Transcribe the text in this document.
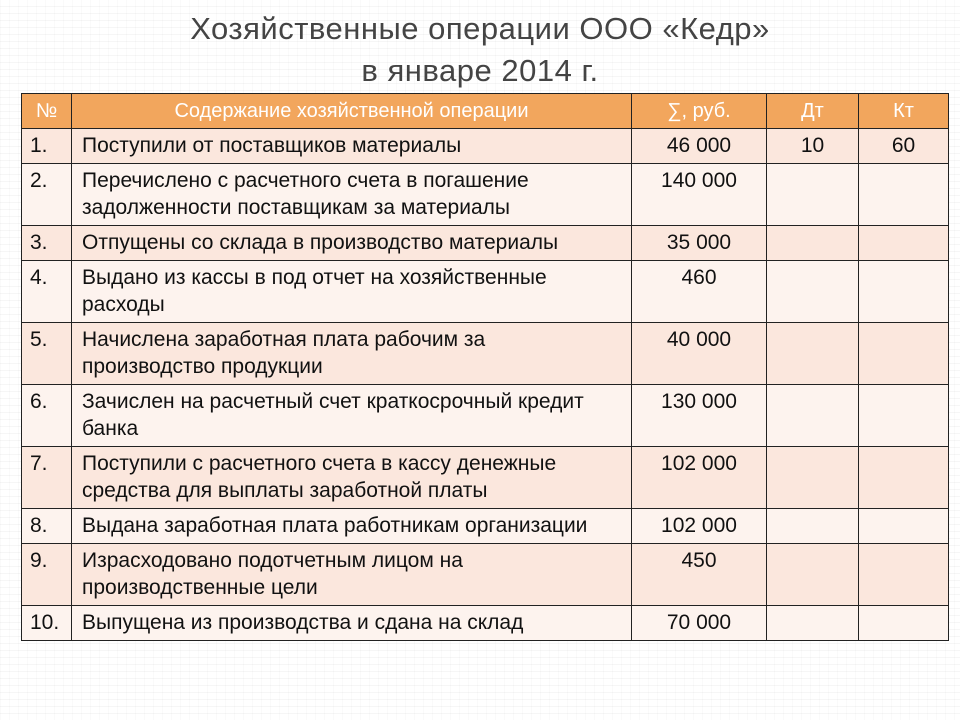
Хозяйственные операции ООО «Кедр»
в январе 2014 г.
№	Содержание хозяйственной операции	∑, руб.	Дт	Кт
1.	Поступили от поставщиков материалы	46 000	10	60
2.	Перечислено с расчетного счета в погашение задолженности поставщикам за материалы	140 000		
3.	Отпущены со склада в производство материалы	35 000		
4.	Выдано из кассы в под отчет на хозяйственные расходы	460		
5.	Начислена заработная плата рабочим за производство продукции	40 000		
6.	Зачислен на расчетный счет краткосрочный кредит банка	130 000		
7.	Поступили с расчетного счета в кассу денежные средства для выплаты заработной платы	102 000		
8.	Выдана заработная плата работникам организации	102 000		
9.	Израсходовано подотчетным лицом на производственные цели	450		
10.	Выпущена из производства и сдана на склад	70 000		
